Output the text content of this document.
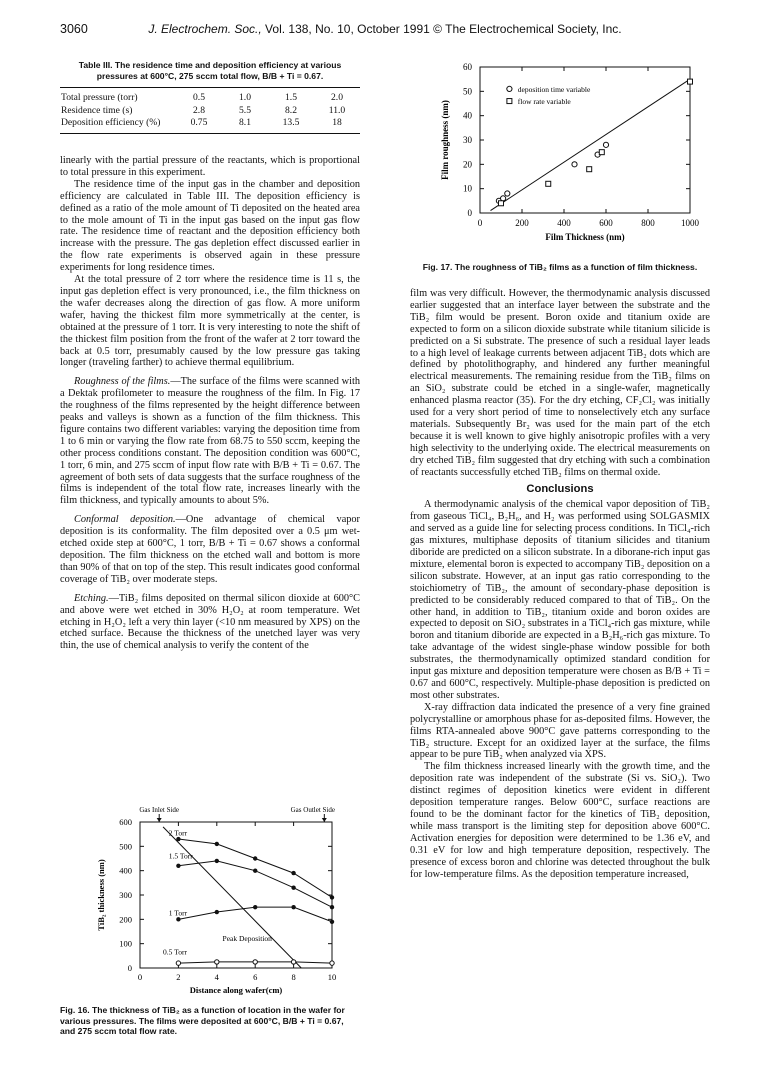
3060	J. Electrochem. Soc., Vol. 138, No. 10, October 1991 © The Electrochemical Society, Inc.
Table III. The residence time and deposition efficiency at various pressures at 600°C, 275 sccm total flow, B/B + Ti = 0.67.
Total pressure (torr)	0.5	1.0	1.5	2.0
Residence time (s)	2.8	5.5	8.2	11.0
Deposition efficiency (%)	0.75	8.1	13.5	18

linearly with the partial pressure of the reactants, which is proportional to total pressure in this experiment.

The residence time of the input gas in the chamber and deposition efficiency are calculated in Table III. The deposition efficiency is defined as a ratio of the mole amount of Ti deposited on the heated area to the mole amount of Ti in the input gas based on the input gas flow rate. The residence time of reactant and the deposition efficiency both increase with the pressure. The gas depletion effect discussed earlier in the flow rate experiments is observed again in these pressure experiments for long residence times.

At the total pressure of 2 torr where the residence time is 11 s, the input gas depletion effect is very pronounced, i.e., the film thickness on the wafer decreases along the direction of gas flow. A more uniform wafer, having the thickest film more symmetrically at the center, is obtained at the pressure of 1 torr. It is very interesting to note the shift of the thickest film position from the front of the wafer at 2 torr toward the back at 0.5 torr, presumably caused by the low pressure gas taking longer (traveling farther) to achieve thermal equilibrium.

Roughness of the films.—The surface of the films were scanned with a Dektak profilometer to measure the roughness of the film. In Fig. 17 the roughness of the films represented by the height difference between peaks and valleys is shown as a function of the film thickness. This figure contains two different variables: varying the deposition time from 1 to 6 min or varying the flow rate from 68.75 to 550 sccm, keeping the other process conditions constant. The deposition condition was 600°C, 1 torr, 6 min, and 275 sccm of input flow rate with B/B + Ti = 0.67. The agreement of both sets of data suggests that the surface roughness of the films is independent of the total flow rate, increases linearly with the film thickness, and typically amounts to about 5%.

Conformal deposition.—One advantage of chemical vapor deposition is its conformality. The film deposited over a 0.5 μm wet-etched oxide step at 600°C, 1 torr, B/B + Ti = 0.67 shows a conformal deposition. The film thickness on the etched wall and bottom is more than 90% of that on top of the step. This result indicates good conformal coverage of TiB₂ over moderate steps.

Etching.—TiB₂ films deposited on thermal silicon dioxide at 600°C and above were wet etched in 30% H₂O₂ at room temperature. Wet etching in H₂O₂ left a very thin layer (<10 nm measured by XPS) on the etched surface. Because the thickness of the unetched layer was very thin, the use of chemical analysis to verify the content of the

0	2	4	6	8	10
0
100
200
300
400
500
600
Distance along wafer(cm)
TiB₂ thickness (nm)
Gas Inlet Side	Gas Outlet Side
Peak Deposition
2 Torr
1.5 Torr
1 Torr
0.5 Torr
Fig. 16. The thickness of TiB₂ as a function of location in the wafer for various pressures. The films were deposited at 600°C, B/B + Ti = 0.67, and 275 sccm total flow rate.
0	200	400	600	800	1000
0
10
20
30
40
50
60
Film Thickness (nm)
Film roughness (nm)
deposition time variable
flow rate variable
Fig. 17. The roughness of TiB₂ films as a function of film thickness.

film was very difficult. However, the thermodynamic analysis discussed earlier suggested that an interface layer between the substrate and the TiB₂ film would be present. Boron oxide and titanium oxide are expected to form on a silicon dioxide substrate while titanium silicide is predicted on a Si substrate. The presence of such a residual layer leads to a high level of leakage currents between adjacent TiB₂ dots which are defined by photolithography, and hindered any further meaningful electrical measurements. The remaining residue from the TiB₂ films on an SiO₂ substrate could be etched in a single-wafer, magnetically enhanced plasma reactor (35). For the dry etching, CF₂Cl₂ was initially used for a very short period of time to nonselectively etch any surface materials. Subsequently Br₂ was used for the main part of the etch because it is well known to give highly anisotropic profiles with a very high selectivity to the underlying oxide. The electrical measurements on dry etched TiB₂ film suggested that dry etching with such a combination of reactants successfully etched TiB₂ films on thermal oxide.

Conclusions

A thermodynamic analysis of the chemical vapor deposition of TiB₂ from gaseous TiCl₄, B₂H₆, and H₂ was performed using SOLGASMIX and served as a guide line for selecting process conditions. In TiCl₄-rich gas mixtures, multiphase deposits of titanium silicides and titanium diboride are predicted on a silicon substrate. In a diborane-rich input gas mixture, elemental boron is expected to accompany TiB₂ deposition on a silicon substrate. However, at an input gas ratio corresponding to the stoichiometry of TiB₂, the amount of secondary-phase deposition is predicted to be considerably reduced compared to that of TiB₂. On the other hand, in addition to TiB₂, titanium oxide and boron oxides are expected to deposit on SiO₂ substrates in a TiCl₄-rich gas mixture, while boron and titanium diboride are expected in a B₂H₆-rich gas mixture. To take advantage of the widest single-phase window possible for both substrates, the thermodynamically optimized standard condition for input gas mixture and deposition temperature were chosen as B/B + Ti = 0.67 and 600°C, respectively. Multiple-phase deposition is predicted on most other substrates.

X-ray diffraction data indicated the presence of a very fine grained polycrystalline or amorphous phase for as-deposited films. However, the films RTA-annealed above 900°C gave patterns corresponding to the TiB₂ structure. Except for an oxidized layer at the surface, the films appear to be pure TiB₂ when analyzed via XPS.

The film thickness increased linearly with the growth time, and the deposition rate was independent of the substrate (Si vs. SiO₂). Two distinct regimes of deposition kinetics were evident in different deposition temperature ranges. Below 600°C, surface reactions are found to be the dominant factor for the kinetics of TiB₂ deposition, while mass transport is the limiting step for deposition above 600°C. Activation energies for deposition were determined to be 1.36 eV, and 0.31 eV for low and high temperature deposition, respectively. The presence of excess boron and chlorine was detected throughout the bulk for low-temperature films. As the deposition temperature increased,
